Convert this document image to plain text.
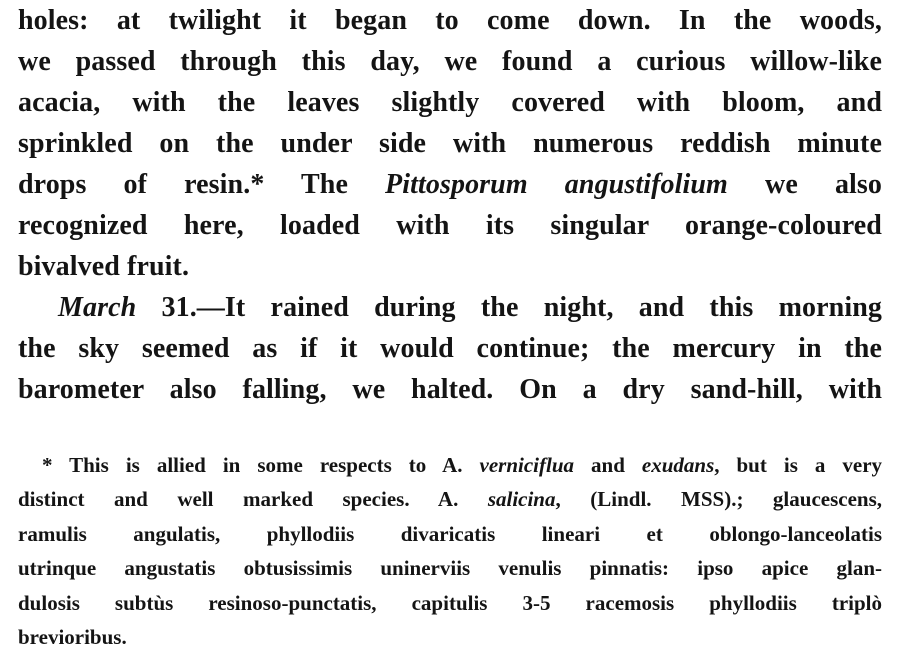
holes: at twilight it began to come down. In the woods,
we passed through this day, we found a curious willow-like
acacia, with the leaves slightly covered with bloom, and
sprinkled on the under side with numerous reddish minute
drops of resin.* The Pittosporum angustifolium we also
recognized here, loaded with its singular orange-coloured
bivalved fruit.
March 31.—It rained during the night, and this morning
the sky seemed as if it would continue; the mercury in the
barometer also falling, we halted. On a dry sand-hill, with
* This is allied in some respects to A. verniciflua and exudans, but is a very
distinct and well marked species. A. salicina, (Lindl. MSS).; glaucescens,
ramulis angulatis, phyllodiis divaricatis lineari et oblongo-lanceolatis
utrinque angustatis obtusissimis uninerviis venulis pinnatis: ipso apice glan-
dulosis subtùs resinoso-punctatis, capitulis 3-5 racemosis phyllodiis triplò
brevioribus.
